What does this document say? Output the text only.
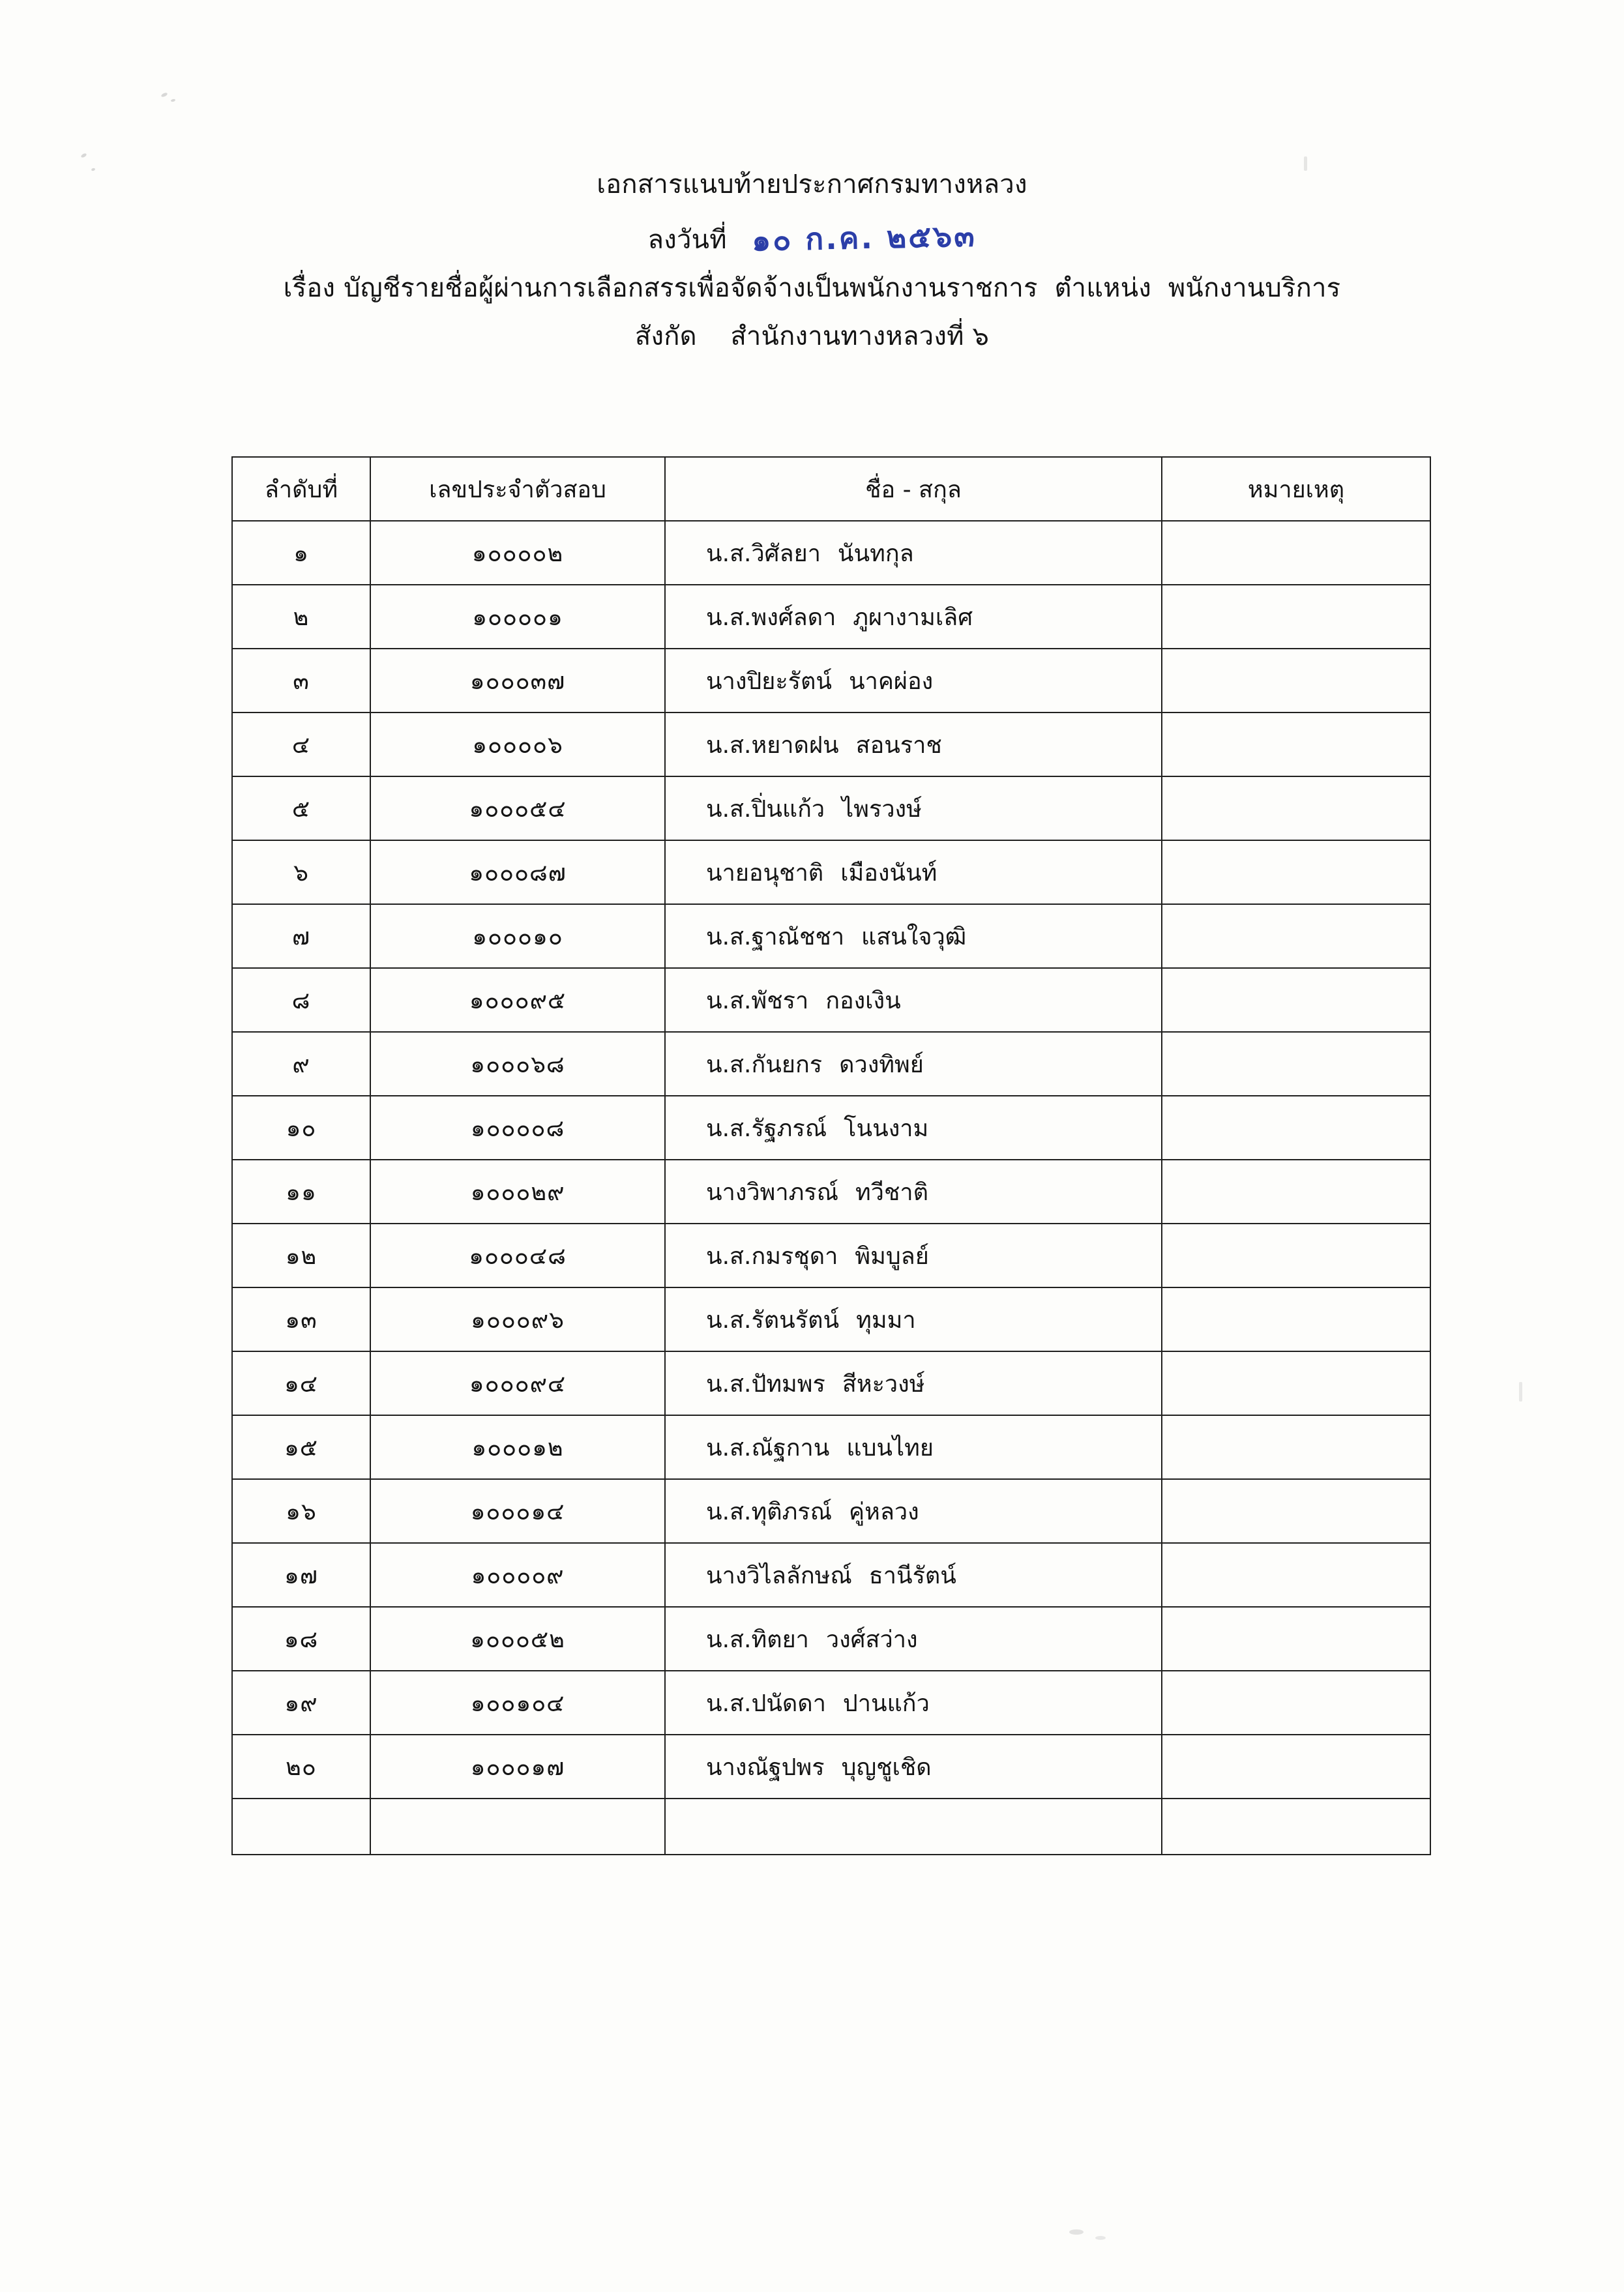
เอกสารแนบท้ายประกาศกรมทางหลวง
ลงวันที่ ๑๐ ก.ค. ๒๕๖๓
เรื่อง บัญชีรายชื่อผู้ผ่านการเลือกสรรเพื่อจัดจ้างเป็นพนักงานราชการ  ตำแหน่ง  พนักงานบริการ
สังกัด    สำนักงานทางหลวงที่ ๖
ลำดับที่	เลขประจำตัวสอบ	ชื่อ - สกุล	หมายเหตุ
๑	๑๐๐๐๐๒	น.ส.วิศัลยา นันทกุล	
๒	๑๐๐๐๐๑	น.ส.พงศ์ลดา ภูผางามเลิศ	
๓	๑๐๐๐๓๗	นางปิยะรัตน์ นาคผ่อง	
๔	๑๐๐๐๐๖	น.ส.หยาดฝน สอนราช	
๕	๑๐๐๐๕๔	น.ส.ปิ่นแก้ว ไพรวงษ์	
๖	๑๐๐๐๘๗	นายอนุชาติ เมืองนันท์	
๗	๑๐๐๐๑๐	น.ส.ฐาณัชชา แสนใจวุฒิ	
๘	๑๐๐๐๙๕	น.ส.พัชรา กองเงิน	
๙	๑๐๐๐๖๘	น.ส.กันยกร ดวงทิพย์	
๑๐	๑๐๐๐๐๘	น.ส.รัฐภรณ์ โนนงาม	
๑๑	๑๐๐๐๒๙	นางวิพาภรณ์ ทวีชาติ	
๑๒	๑๐๐๐๔๘	น.ส.กมรชุดา พิมบูลย์	
๑๓	๑๐๐๐๙๖	น.ส.รัตนรัตน์ ทุมมา	
๑๔	๑๐๐๐๙๔	น.ส.ปัทมพร สีหะวงษ์	
๑๕	๑๐๐๐๑๒	น.ส.ณัฐกาน แบนไทย	
๑๖	๑๐๐๐๑๔	น.ส.ทุติภรณ์ คู่หลวง	
๑๗	๑๐๐๐๐๙	นางวิไลลักษณ์ ธานีรัตน์	
๑๘	๑๐๐๐๕๒	น.ส.ทิตยา วงศ์สว่าง	
๑๙	๑๐๐๑๐๔	น.ส.ปนัดดา ปานแก้ว	
๒๐	๑๐๐๐๑๗	นางณัฐปพร บุญชูเชิด	
